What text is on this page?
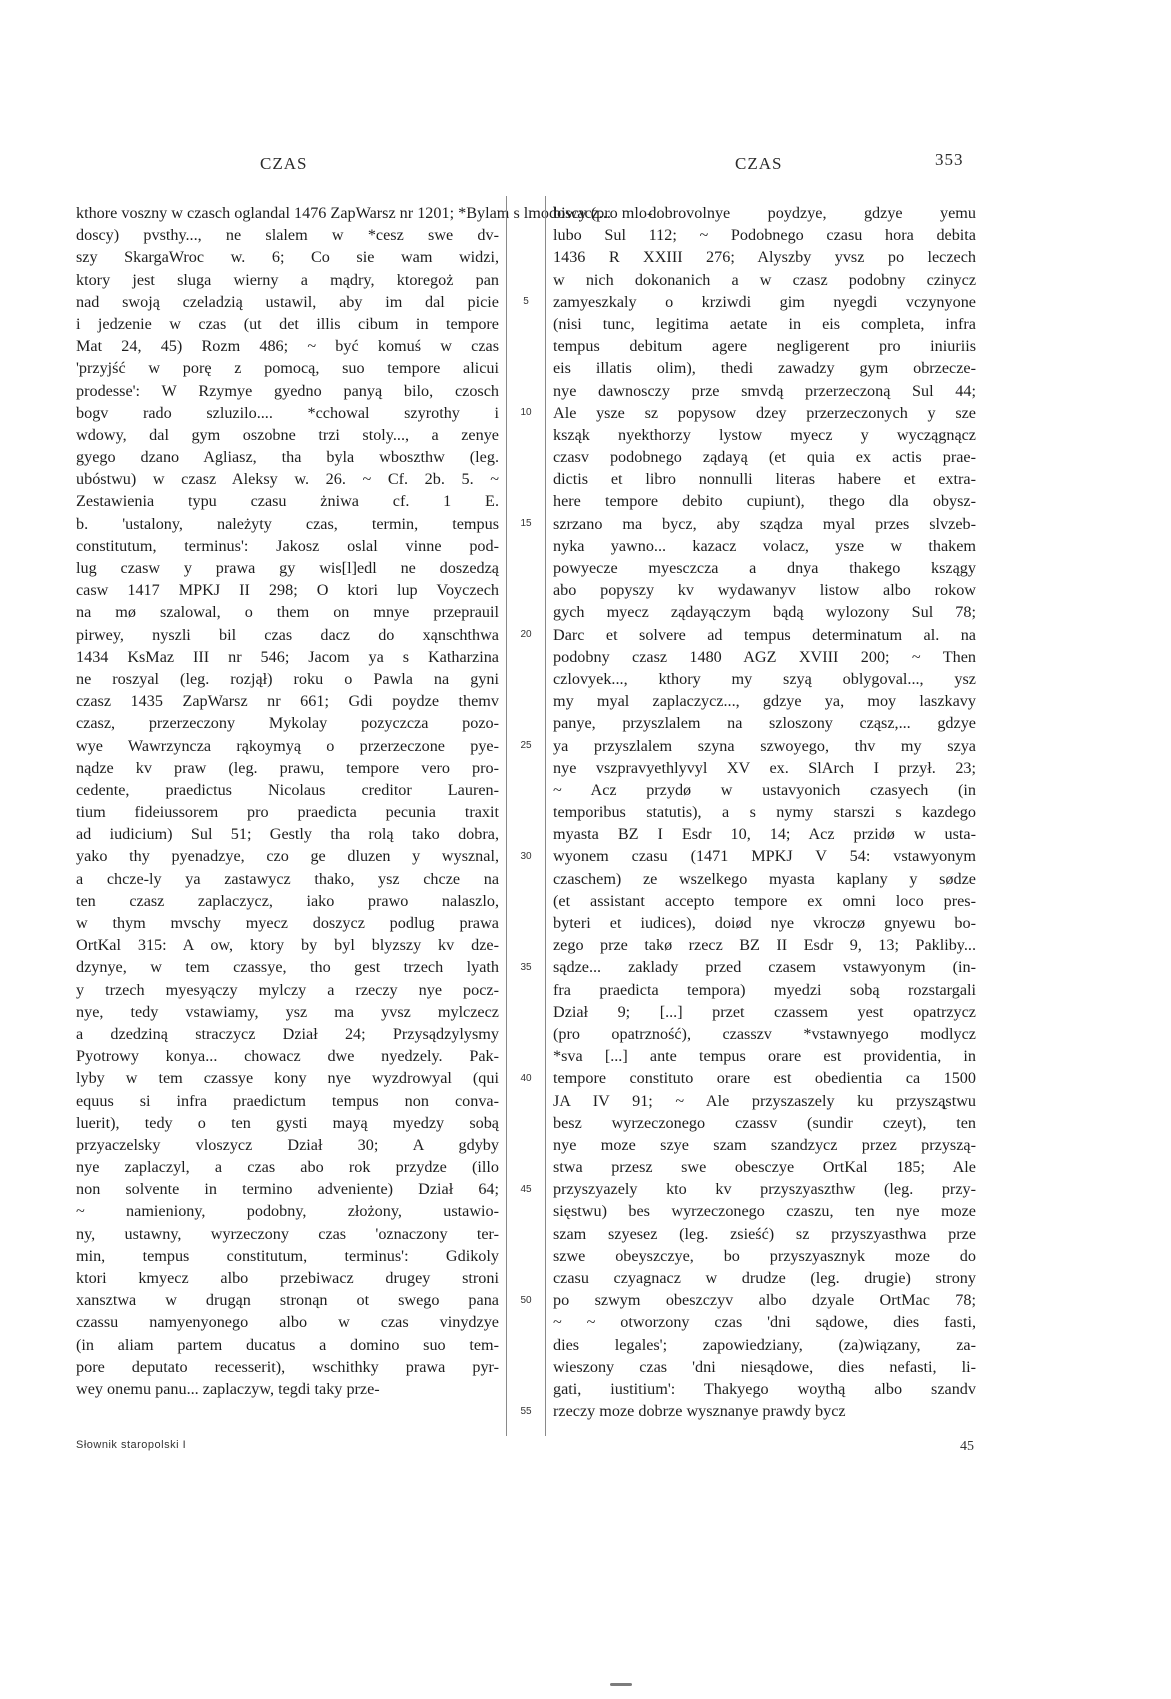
CZAS	CZAS	353
kthore voszny w czasch oglandal 1476 ZapWarsz nr 1201; *Bylam s lmodoscy (pro mlo-
doscy) pvsthy..., ne slalem w *cesz swe dv-
szy SkargaWroc w. 6; Co sie wam widzi,
ktory jest sluga wierny a mądry, ktoregoż pan
nad swoją czeladzią ustawil, aby im dal picie
i jedzenie w czas (ut det illis cibum in tempore
Mat 24, 45) Rozm 486; ~ być komuś w czas
'przyjść w porę z pomocą, suo tempore alicui
prodesse': W Rzymye gyedno panyą bilo, czosch
bogv rado szluzilo.... *cchowal szyrothy i
wdowy, dal gym oszobne trzi stoly..., a zenye
gyego dzano Agliasz, tha byla wboszthw (leg.
ubóstwu) w czasz Aleksy w. 26. ~ Cf. 2b. 5. ~
Zestawienia typu czasu żniwa cf. 1 E.
b. 'ustalony, należyty czas, termin, tempus
constitutum, terminus': Jakosz oslal vinne pod-
lug czasw y prawa gy wis[l]edl ne doszedzą
casw 1417 MPKJ II 298; O ktori lup Voyczech
na mø szalowal, o them on mnye przeprauil
pirwey, nyszli bil czas dacz do xąnschthwa
1434 KsMaz III nr 546; Jacom ya s Katharzina
ne roszyal (leg. rozjął) roku o Pawla na gyni
czasz 1435 ZapWarsz nr 661; Gdi poydze themv
czasz, przerzeczony Mykolay pozyczcza pozo-
wye Wawrzyncza rąkoymyą o przerzeczone pye-
nądze kv praw (leg. prawu, tempore vero pro-
cedente, praedictus Nicolaus creditor Lauren-
tium fideiussorem pro praedicta pecunia traxit
ad iudicium) Sul 51; Gestly tha rolą tako dobra,
yako thy pyenadzye, czo ge dluzen y wysznal,
a chcze-ly ya zastawycz thako, ysz chcze na
ten czasz zaplaczycz, iako prawo nalaszlo,
w thym mvschy myecz doszycz podlug prawa
OrtKal 315: A ow, ktory by byl blyzszy kv dze-
dzynye, w tem czassye, tho gest trzech lyath
y trzech myesyączy mylczy a rzeczy nye pocz-
nye, tedy vstawiamy, ysz ma yvsz mylczecz
a dzedziną straczycz Dział 24; Przysądzylysmy
Pyotrowy konya... chowacz dwe nyedzely. Pak-
lyby w tem czassye kony nye wyzdrowyal (qui
equus si infra praedictum tempus non conva-
luerit), tedy o ten gysti mayą myedzy sobą
przyaczelsky vloszycz Dział 30; A gdyby
nye zaplaczyl, a czas abo rok przydze (illo
non solvente in termino adveniente) Dział 64;
~ namieniony, podobny, złożony, ustawio-
ny, ustawny, wyrzeczony czas 'oznaczony ter-
min, tempus constitutum, terminus': Gdikoly
ktori kmyecz albo przebiwacz drugey stroni
xansztwa w drugąn stronąn ot swego pana
czassu namyenyonego albo w czas vinydzye
(in aliam partem ducatus a domino suo tem-
pore deputato recesserit), wschithky prawa pyr-
wey onemu panu... zaplaczyw, tegdi taky prze-
5
10
15
20
25
30
35
40
45
50
55
biwacz... dobrovolnye poydzye, gdzye yemu
lubo Sul 112; ~ Podobnego czasu hora debita
1436 R XXIII 276; Alyszby yvsz po leczech
w nich dokonanich a w czasz podobny czinycz
zamyeszkaly o krziwdi gim nyegdi vczynyone
(nisi tunc, legitima aetate in eis completa, infra
tempus debitum agere negligerent pro iniuriis
eis illatis olim), thedi zawadzy gym obrzecze-
nye dawnosczy prze smvdą przerzeczoną Sul 44;
Ale ysze sz popysow dzey przerzeczonych y sze
ksząk nyekthorzy lystow myecz y wyczągnącz
czasv podobnego ządayą (et quia ex actis prae-
dictis et libro nonnulli literas habere et extra-
here tempore debito cupiunt), thego dla obysz-
szrzano ma bycz, aby sządza myal przes slvzeb-
nyka yawno... kazacz volacz, ysze w thakem
powyecze myesczcza a dnya thakego kszągy
abo popyszy kv wydawanyv listow albo rokow
gych myecz ządayączym bądą wylozony Sul 78;
Darc et solvere ad tempus determinatum al. na
podobny czasz 1480 AGZ XVIII 200; ~ Then
czlovyek..., kthory my szyą oblygoval..., ysz
my myal zaplaczycz..., gdzye ya, moy laszkavy
panye, przyszlalem na szloszony cząsz,... gdzye
ya przyszlalem szyna szwoyego, thv my szya
nye vszpravyethlyvyl XV ex. SlArch I przył. 23;
~ Acz przydø w ustavyonich czasyech (in
temporibus statutis), a s nymy starszi s kazdego
myasta BZ I Esdr 10, 14; Acz przidø w usta-
wyonem czasu (1471 MPKJ V 54: vstawyonym
czaschem) ze wszelkego myasta kaplany y sødze
(et assistant accepto tempore ex omni loco pres-
byteri et iudices), doiød nye vkroczø gnyewu bo-
zego prze takø rzecz BZ II Esdr 9, 13; Pakliby...
sądze... zaklady przed czasem vstawyonym (in-
fra praedicta tempora) myedzi sobą rozstargali
Dział 9; [...] przet czassem yest opatrzycz
(pro opatrzność), czasszv *vstawnyego modlycz
*sva [...] ante tempus orare est providentia, in
tempore constituto orare est obedientia ca 1500
JA IV 91; ~ Ale przyszaszely ku przyszą̨stwu
besz wyrzeczonego czassv (sundir czeyt), ten
nye moze szye szam szandzycz przez przyszą-
stwa przesz swe obesczye OrtKal 185; Ale
przyszyazely kto kv przyszyaszthw (leg. przy-
sięstwu) bes wyrzeczonego czaszu, ten nye moze
szam szyesez (leg. zsieść) sz przyszyasthwa prze
szwe obeyszczye, bo przyszyasznyk moze do
czasu czyagnacz w drudze (leg. drugie) strony
po szwym obeszczyv albo dzyale OrtMac 78;
~ ~ otworzony czas 'dni sądowe, dies fasti,
dies legales'; zapowiedziany, (za)wiązany, za-
wieszony czas 'dni niesądowe, dies nefasti, li-
gati, iustitium': Thakyego woythą albo szandv
rzeczy moze dobrze wysznanye prawdy bycz
Słownik staropolski I	45
